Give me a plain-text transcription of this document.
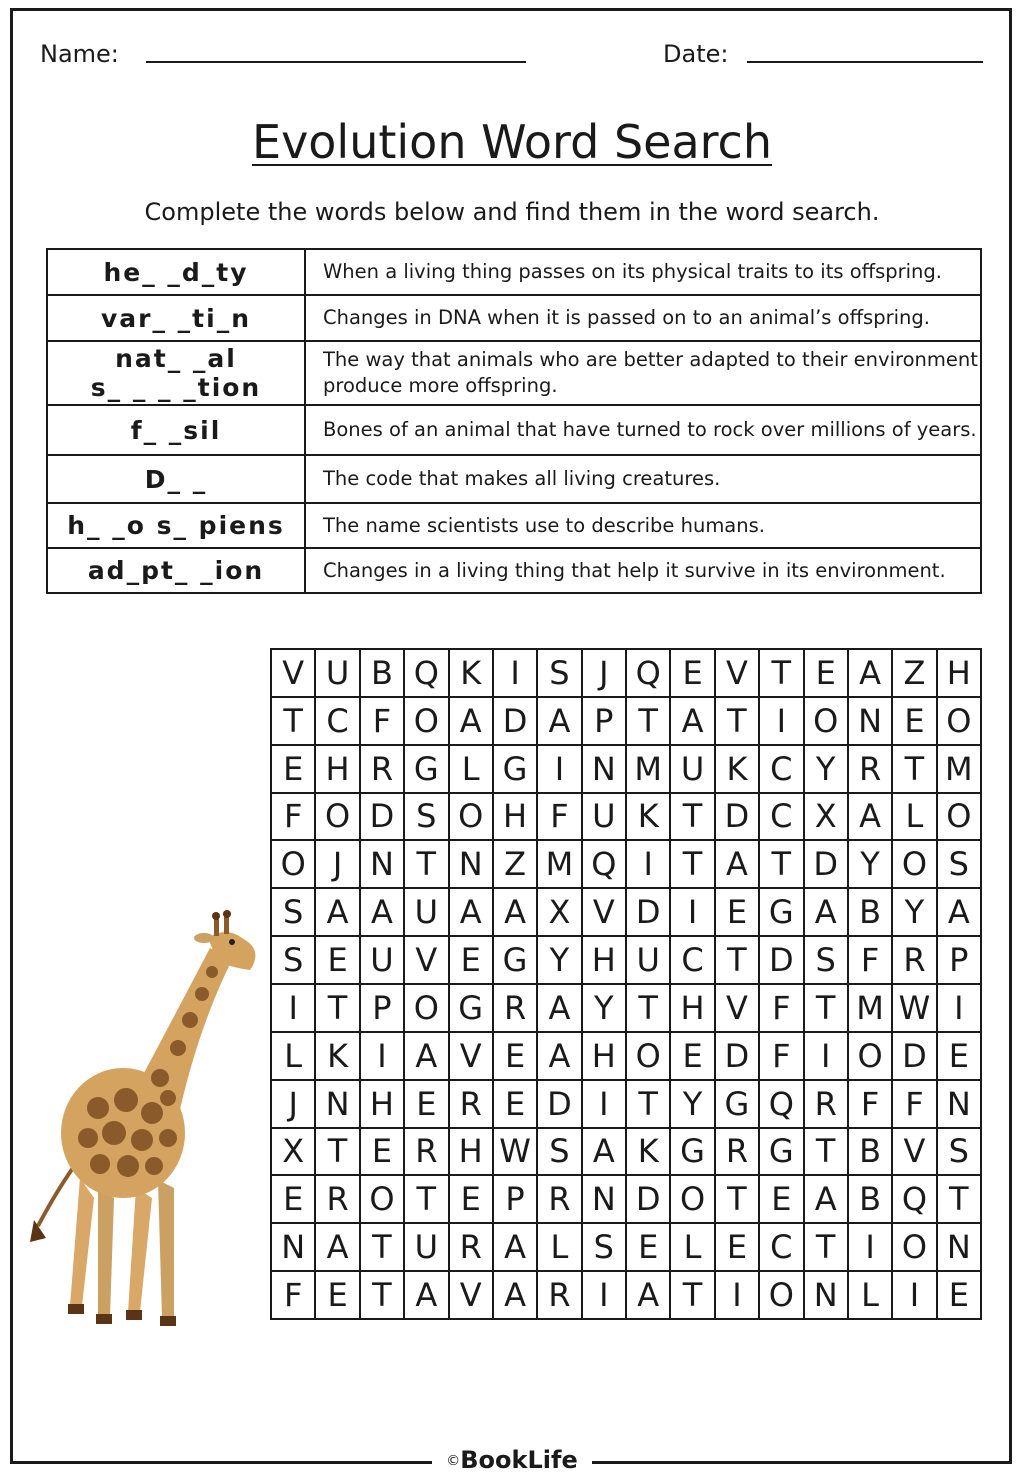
Name:	Date:
Evolution Word Search
Complete the words below and find them in the word search.
he_ _d_ty	When a living thing passes on its physical traits to its offspring.

var_ _ti_n	Changes in DNA when it is passed on to an animal’s offspring.

nat_ _al
s_ _ _ _tion	The way that animals who are better adapted to their environment produce more offspring.

f_ _sil	Bones of an animal that have turned to rock over millions of years.

D_ _	The code that makes all living creatures.

h_ _o s_ piens	The name scientists use to describe humans.

ad_pt_ _ion	Changes in a living thing that help it survive in its environment.
V U B Q K I S J Q E V T E A Z H
T C F O A D A P T A T I O N E O
E H R G L G I N M U K C Y R T M
F O D S O H F U K T D C X A L O
O J N T N Z M Q I T A T D Y O S
S A A U A A X V D I E G A B Y A
S E U V E G Y H U C T D S F R P
I T P O G R A Y T H V F T M W I
L K I A V E A H O E D F I O D E
J N H E R E D I T Y G Q R F F N
X T E R H W S A K G R G T B V S
E R O T E P R N D O T E A B Q T
N A T U R A L S E L E C T I O N
F E T A V A R I A T I O N L I E
©BookLife
